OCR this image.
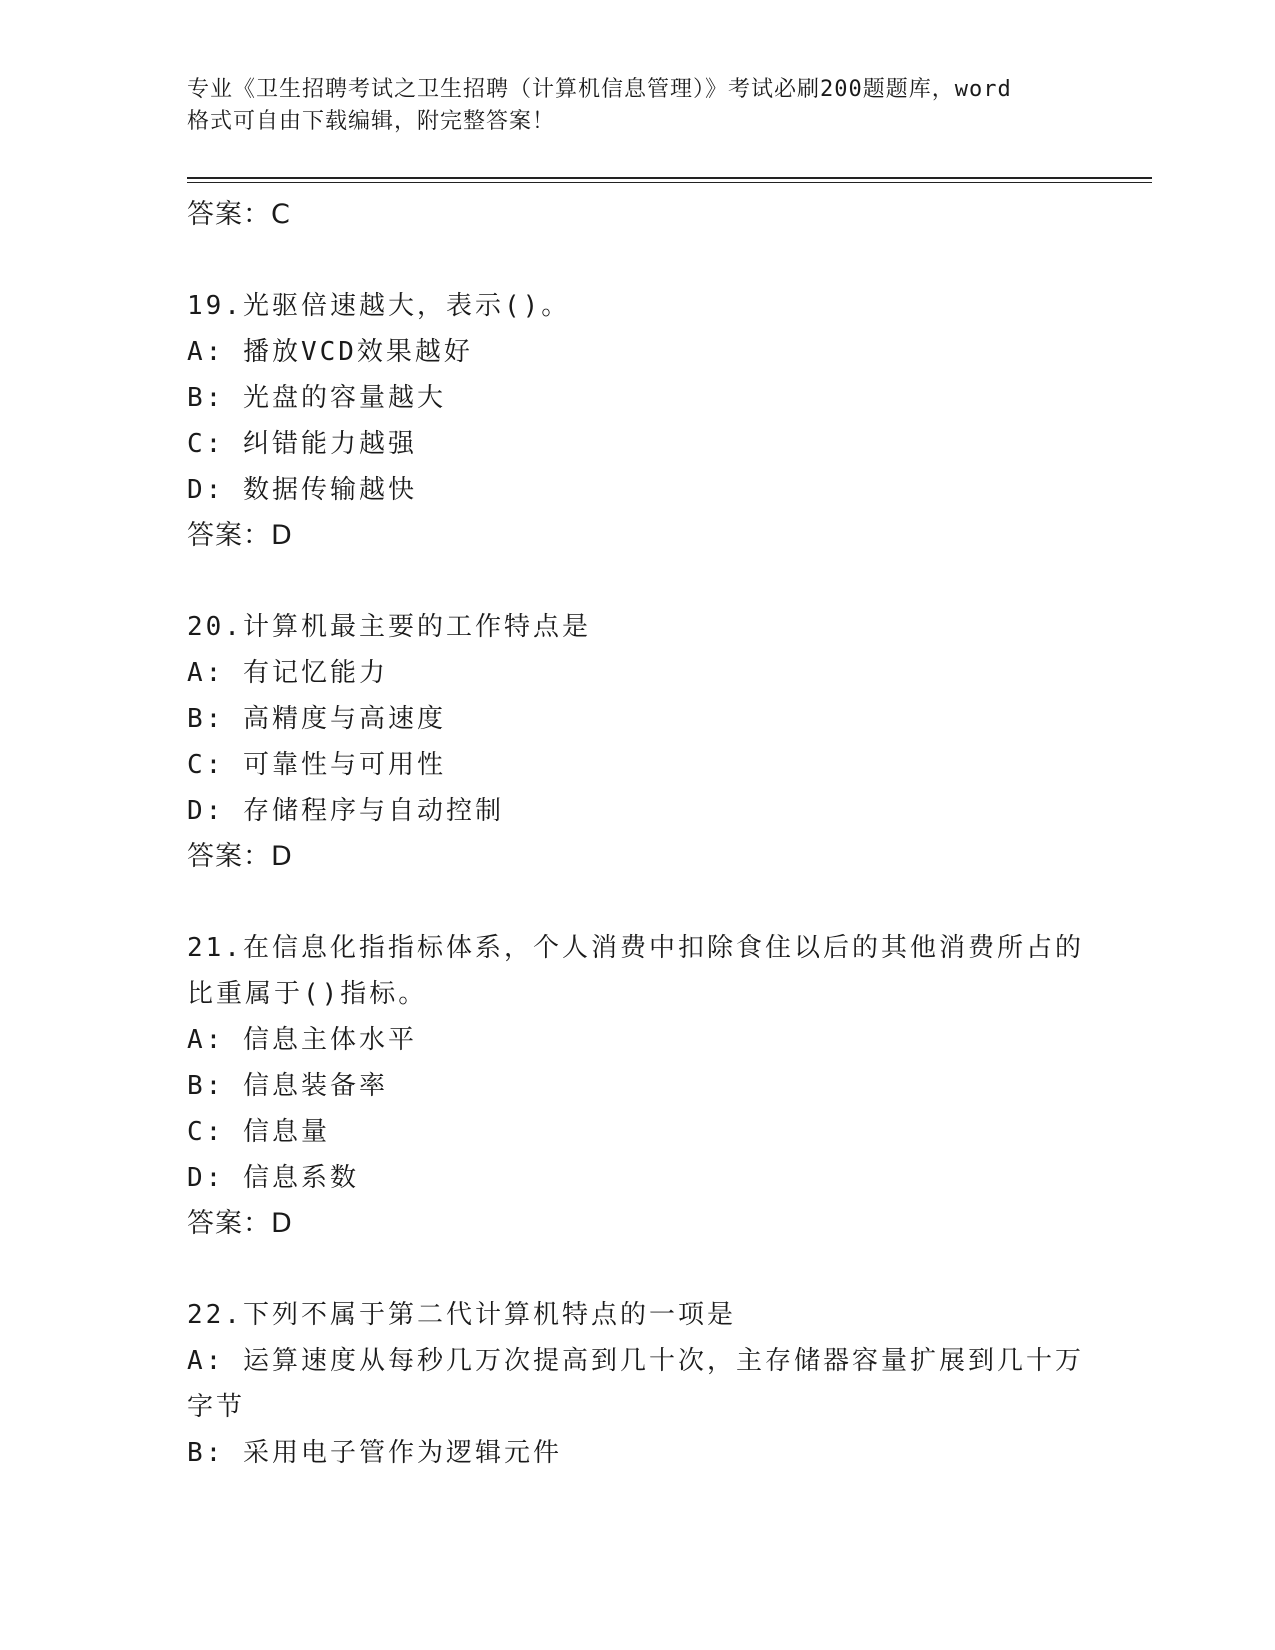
专业《卫生招聘考试之卫生招聘（计算机信息管理）》考试必刷200题题库，word
格式可自由下载编辑，附完整答案！
答案：C
19.光驱倍速越大，表示()。
A: 播放VCD效果越好
B: 光盘的容量越大
C: 纠错能力越强
D: 数据传输越快
答案：D
20.计算机最主要的工作特点是
A: 有记忆能力
B: 高精度与高速度
C: 可靠性与可用性
D: 存储程序与自动控制
答案：D
21.在信息化指指标体系，个人消费中扣除食住以后的其他消费所占的
比重属于()指标。
A: 信息主体水平
B: 信息装备率
C: 信息量
D: 信息系数
答案：D
22.下列不属于第二代计算机特点的一项是
A: 运算速度从每秒几万次提高到几十次，主存储器容量扩展到几十万
字节
B: 采用电子管作为逻辑元件
